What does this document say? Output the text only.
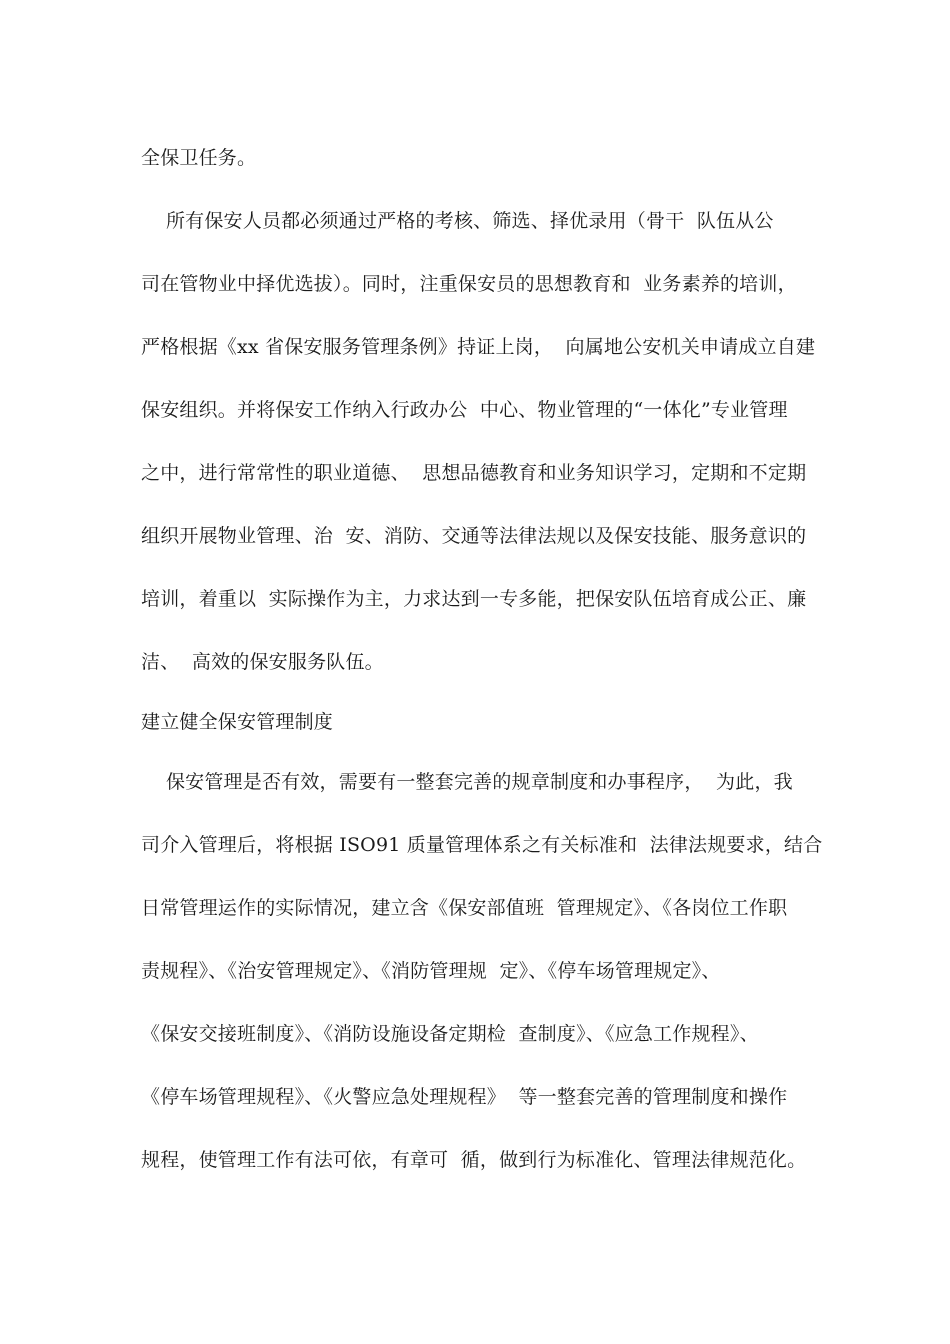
全保卫任务。
所有保安人员都必须通过严格的考核、筛选、择优录用（骨干  队伍从公
司在管物业中择优选拔）。同时，注重保安员的思想教育和  业务素养的培训，
严格根据《xx 省保安服务管理条例》持证上岗，  向属地公安机关申请成立自建
保安组织。并将保安工作纳入行政办公  中心、物业管理的“一体化”专业管理
之中，进行常常性的职业道德、  思想品德教育和业务知识学习，定期和不定期
组织开展物业管理、治  安、消防、交通等法律法规以及保安技能、服务意识的
培训，着重以  实际操作为主，力求达到一专多能，把保安队伍培育成公正、廉
洁、  高效的保安服务队伍。
建立健全保安管理制度
保安管理是否有效，需要有一整套完善的规章制度和办事程序，  为此，我
司介入管理后，将根据 ISO91 质量管理体系之有关标准和  法律法规要求，结合
日常管理运作的实际情况，建立含《保安部值班  管理规定》、《各岗位工作职
责规程》、《治安管理规定》、《消防管理规  定》、《停车场管理规定》、
《保安交接班制度》、《消防设施设备定期检  查制度》、《应急工作规程》、
《停车场管理规程》、《火警应急处理规程》  等一整套完善的管理制度和操作
规程，使管理工作有法可依，有章可  循，做到行为标准化、管理法律规范化。
